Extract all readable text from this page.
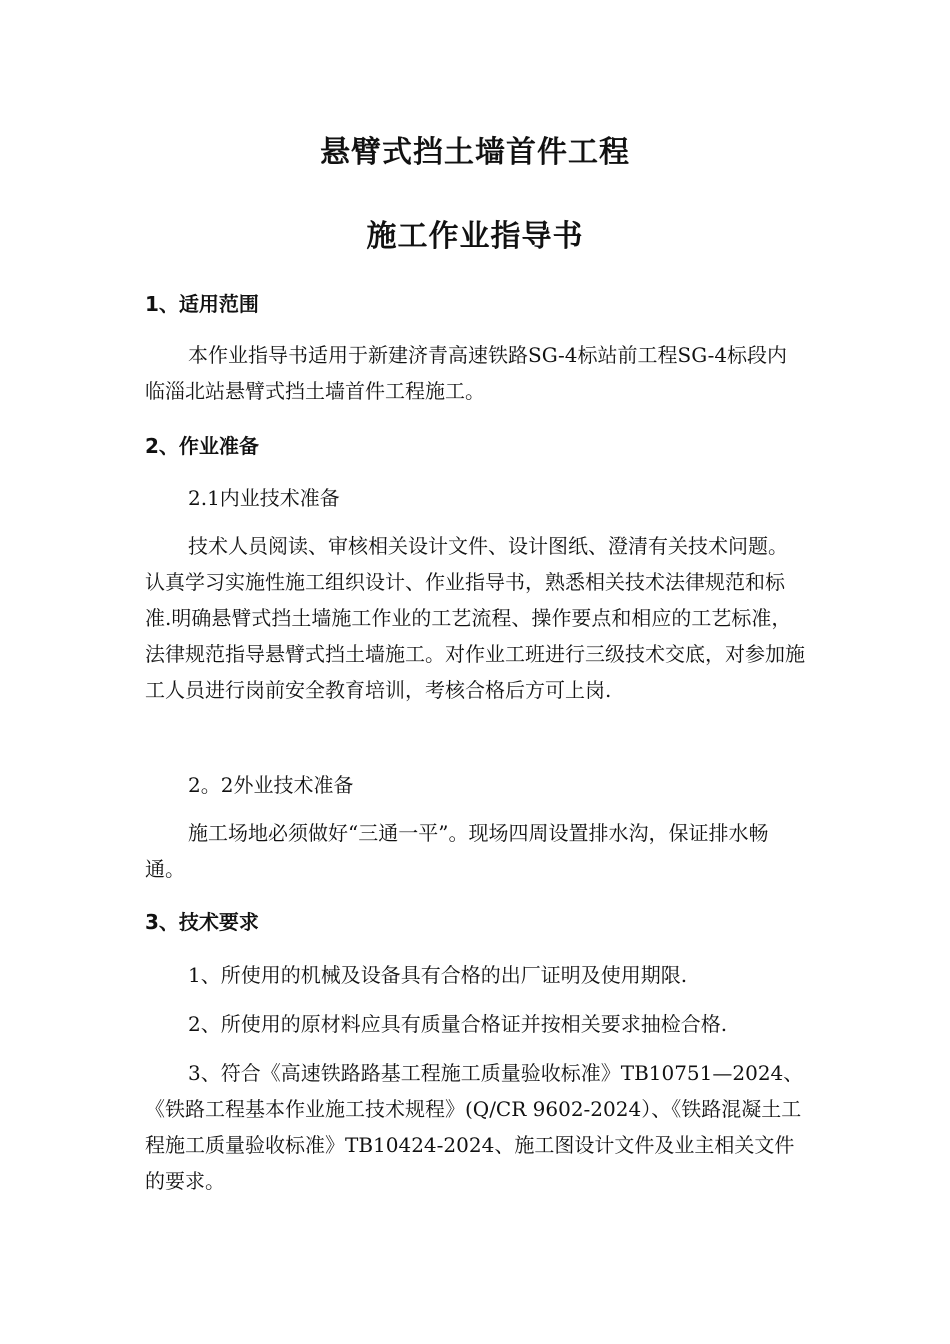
悬臂式挡土墙首件工程
施工作业指导书
1、适用范围

本作业指导书适用于新建济青高速铁路SG-4标站前工程SG-4标段内临淄北站悬臂式挡土墙首件工程施工。

2、作业准备

2.1内业技术准备

技术人员阅读、审核相关设计文件、设计图纸、澄清有关技术问题。认真学习实施性施工组织设计、作业指导书，熟悉相关技术法律规范和标准.明确悬臂式挡土墙施工作业的工艺流程、操作要点和相应的工艺标准，法律规范指导悬臂式挡土墙施工。对作业工班进行三级技术交底，对参加施工人员进行岗前安全教育培训，考核合格后方可上岗.

2。2外业技术准备

施工场地必须做好“三通一平”。现场四周设置排水沟，保证排水畅通。

3、技术要求

1、所使用的机械及设备具有合格的出厂证明及使用期限.

2、所使用的原材料应具有质量合格证并按相关要求抽检合格.

3、符合《高速铁路路基工程施工质量验收标准》TB10751—2024、《铁路工程基本作业施工技术规程》(Q/CR 9602-2024）、《铁路混凝土工程施工质量验收标准》TB10424-2024、施工图设计文件及业主相关文件的要求。
